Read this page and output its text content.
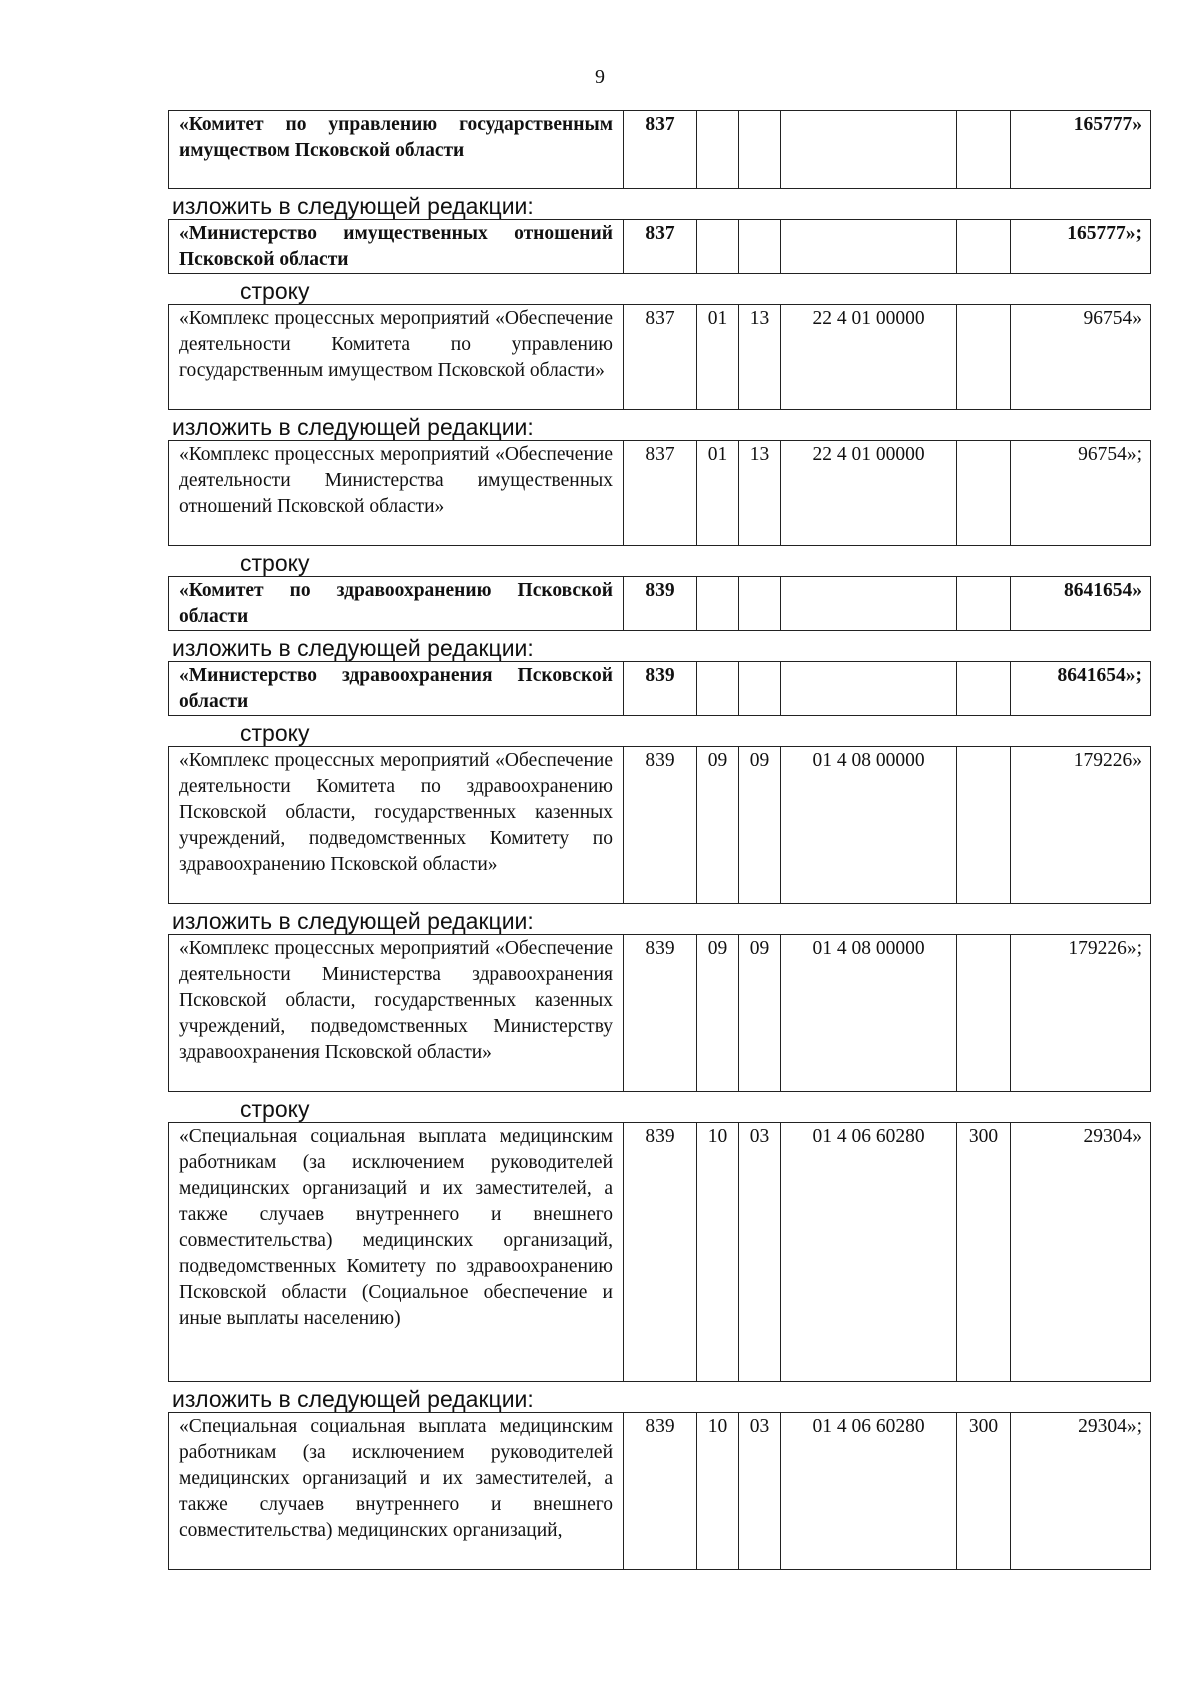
9
«Комитет по управлению государственным имуществом Псковской области	837					165777»

изложить в следующей редакции:

«Министерство имущественных отношений Псковской области	837					165777»;

строку

«Комплекс процессных мероприятий «Обеспечение деятельности Комитета по управлению государственным имуществом Псковской области»	837	01	13	22 4 01 00000		96754»

изложить в следующей редакции:

«Комплекс процессных мероприятий «Обеспечение деятельности Министерства имущественных отношений Псковской области»	837	01	13	22 4 01 00000		96754»;

строку

«Комитет по здравоохранению Псковской области	839					8641654»

изложить в следующей редакции:

«Министерство здравоохранения Псковской области	839					8641654»;

строку

«Комплекс процессных мероприятий «Обеспечение деятельности Комитета по здравоохранению Псковской области, государственных казенных учреждений, подведомственных Комитету по здравоохранению Псковской области»	839	09	09	01 4 08 00000		179226»

изложить в следующей редакции:

«Комплекс процессных мероприятий «Обеспечение деятельности Министерства здравоохранения Псковской области, государственных казенных учреждений, подведомственных Министерству здравоохранения Псковской области»	839	09	09	01 4 08 00000		179226»;

строку

«Специальная социальная выплата медицинским работникам (за исключением руководителей медицинских организаций и их заместителей, а также случаев внутреннего и внешнего совместительства) медицинских организаций, подведомственных Комитету по здравоохранению Псковской области (Социальное обеспечение и иные выплаты населению)	839	10	03	01 4 06 60280	300	29304»

изложить в следующей редакции:

«Специальная социальная выплата медицинским работникам (за исключением руководителей медицинских организаций и их заместителей, а также случаев внутреннего и внешнего совместительства) медицинских организаций,	839	10	03	01 4 06 60280	300	29304»;
